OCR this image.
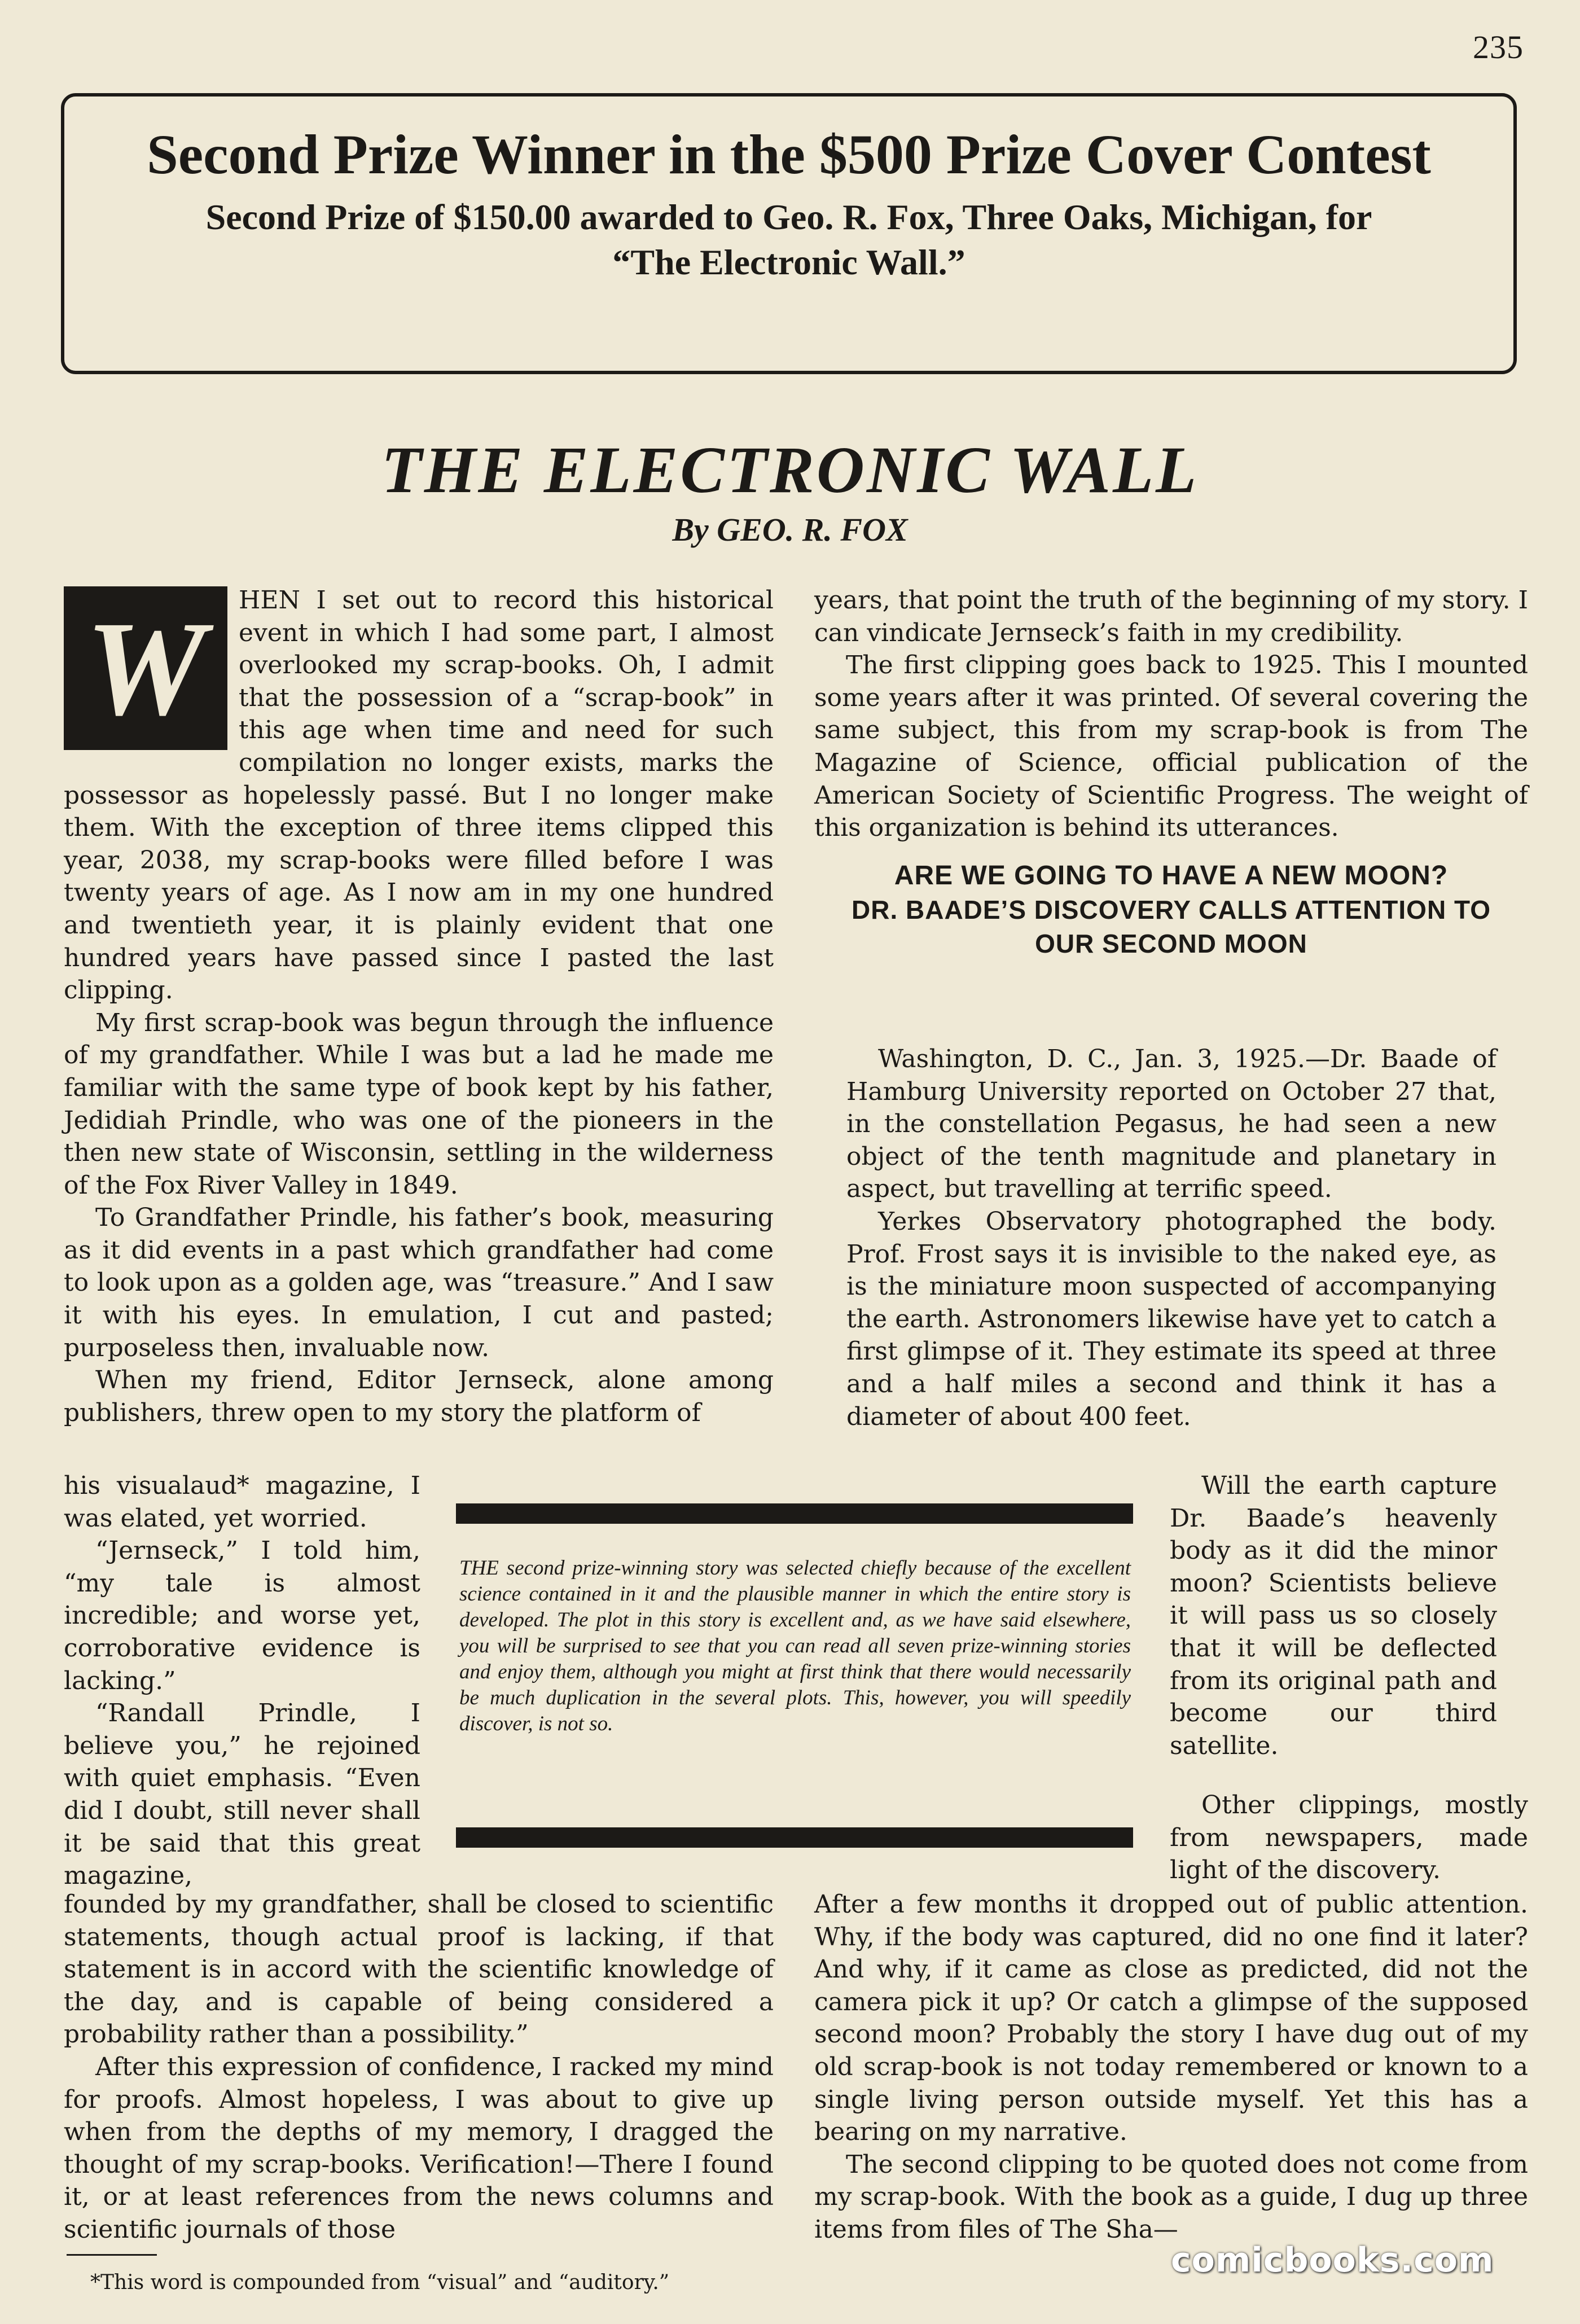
235
Second Prize Winner in the $500 Prize Cover Contest
Second Prize of $150.00 awarded to Geo. R. Fox, Three Oaks, Michigan, for “The Electronic Wall.”
THE ELECTRONIC WALL
By GEO. R. FOX
W	HEN I set out to record this historical event in which I had some part, I almost overlooked my scrap-books. Oh, I admit that the possession of a “scrap-book” in this age when time and need for such compilation no longer exists, marks the possessor as hopelessly passé. But I no longer make them. With the exception of three items clipped this year, 2038, my scrap-books were filled before I was twenty years of age. As I now am in my one hundred and twentieth year, it is plainly evident that one hundred years have passed since I pasted the last clipping.

My first scrap-book was begun through the influence of my grandfather. While I was but a lad he made me familiar with the same type of book kept by his father, Jedidiah Prindle, who was one of the pioneers in the then new state of Wisconsin, settling in the wilderness of the Fox River Valley in 1849.

To Grandfather Prindle, his father’s book, measuring as it did events in a past which grandfather had come to look upon as a golden age, was “treasure.” And I saw it with his eyes. In emulation, I cut and pasted; purposeless then, invaluable now.

When my friend, Editor Jernseck, alone among publishers, threw open to my story the platform of

his visualaud* magazine, I was elated, yet worried.

“Jernseck,” I told him, “my tale is almost incredible; and worse yet, corroborative evidence is lacking.”

“Randall Prindle, I believe you,” he rejoined with quiet emphasis. “Even did I doubt, still never shall it be said that this great magazine,

founded by my grandfather, shall be closed to scientific statements, though actual proof is lacking, if that statement is in accord with the scientific knowledge of the day, and is capable of being considered a probability rather than a possibility.”

After this expression of confidence, I racked my mind for proofs. Almost hopeless, I was about to give up when from the depths of my memory, I dragged the thought of my scrap-books. Verification!—There I found it, or at least references from the news columns and scientific journals of those

years, that point the truth of the beginning of my story. I can vindicate Jernseck’s faith in my credibility.

The first clipping goes back to 1925. This I mounted some years after it was printed. Of several covering the same subject, this from my scrap-book is from The Magazine of Science, official publication of the American Society of Scientific Progress. The weight of this organization is behind its utterances.

ARE WE GOING TO HAVE A NEW MOON?
DR. BAADE’S DISCOVERY CALLS ATTENTION TO OUR SECOND MOON

Washington, D. C., Jan. 3, 1925.—Dr. Baade of Hamburg University reported on October 27 that, in the constellation Pegasus, he had seen a new object of the tenth magnitude and planetary in aspect, but travelling at terrific speed.

Yerkes Observatory photographed the body. Prof. Frost says it is invisible to the naked eye, as is the miniature moon suspected of accompanying the earth. Astronomers likewise have yet to catch a first glimpse of it. They estimate its speed at three and a half miles a second and think it has a diameter of about 400 feet.

Will the earth capture Dr. Baade’s heavenly body as it did the minor moon? Scientists believe it will pass us so closely that it will be deflected from its original path and become our third satellite.

Other clippings, mostly from newspapers, made light of the discovery.

After a few months it dropped out of public attention. Why, if the body was captured, did no one find it later? And why, if it came as close as predicted, did not the camera pick it up? Or catch a glimpse of the supposed second moon? Probably the story I have dug out of my old scrap-book is not today remembered or known to a single living person outside myself. Yet this has a bearing on my narrative.

The second clipping to be quoted does not come from my scrap-book. With the book as a guide, I dug up three items from files of The Sha—

THE second prize-winning story was selected chiefly because of the excellent science contained in it and the plausible manner in which the entire story is developed. The plot in this story is excellent and, as we have said elsewhere, you will be surprised to see that you can read all seven prize-winning stories and enjoy them, although you might at first think that there would necessarily be much duplication in the several plots. This, however, you will speedily discover, is not so.
*This word is compounded from “visual” and “auditory.”
comicbooks.com
